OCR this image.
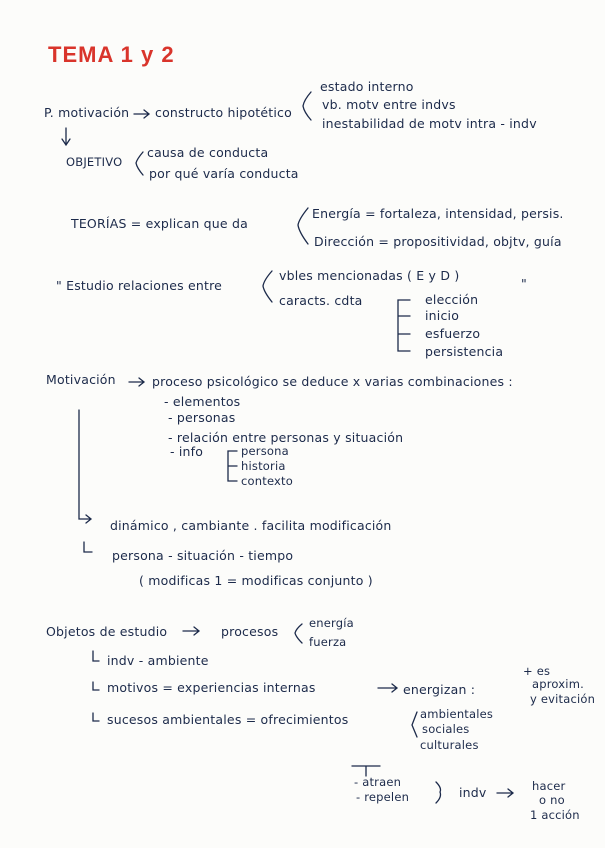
TEMA 1 y 2
P. motivación constructo hipotético
estado interno
vb. motv entre indvs
inestabilidad de motv intra - indv
OBJETIVO
causa de conducta
por qué varía conducta
TEORÍAS = explican que da
Energía = fortaleza, intensidad, persis.
Dirección = propositividad, objtv, guía
" Estudio relaciones entre
vbles mencionadas ( E y D )
"
caracts. cdta	elección
inicio
esfuerzo
persistencia
Motivación	proceso psicológico se deduce x varias combinaciones :
- elementos
- personas
- relación entre personas y situación
- info	persona
historia
contexto
dinámico , cambiante . facilita modificación
persona - situación - tiempo
( modificas 1 = modificas conjunto )
Objetos de estudio	procesos
energía
fuerza
indv - ambiente
motivos = experiencias internas	energizan :
+ es
aproxim.
y evitación
sucesos ambientales = ofrecimientos	ambientales
sociales
culturales
- atraen
- repelen	indv	hacer
o no
1 acción
